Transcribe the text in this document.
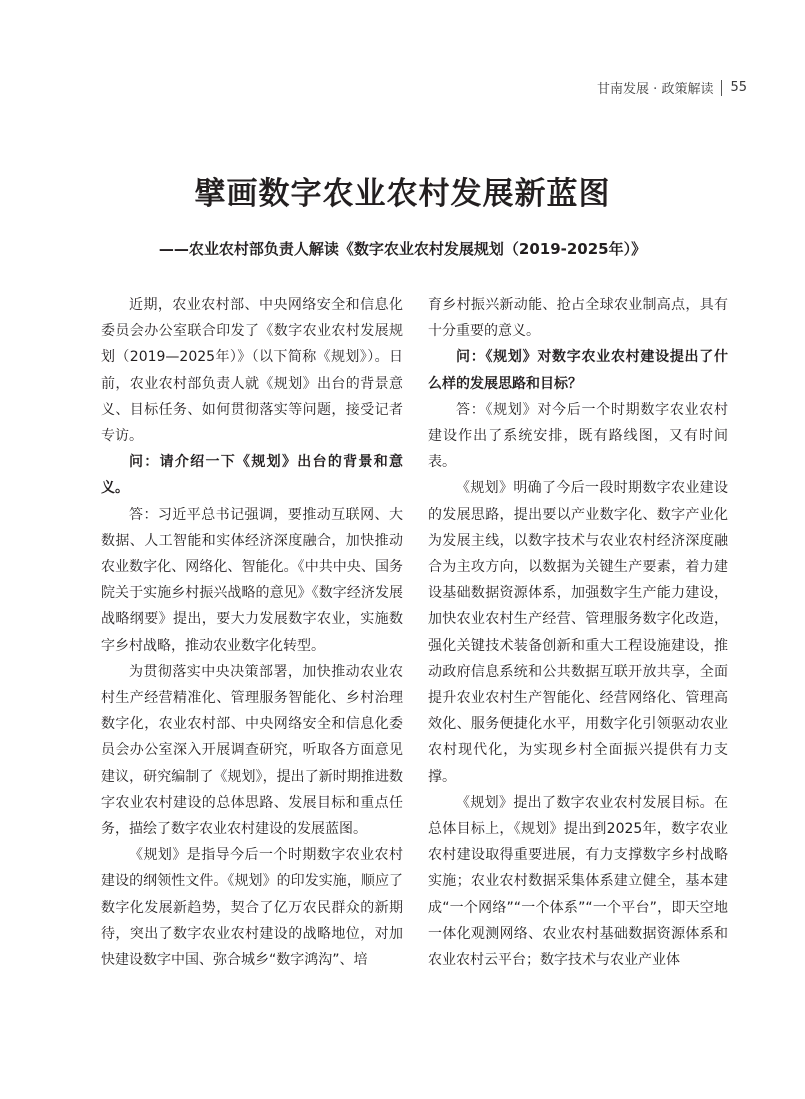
甘南发展 · 政策解读 55
擘画数字农业农村发展新蓝图
——农业农村部负责人解读《数字农业农村发展规划（2019-2025年）》

近期，农业农村部、中央网络安全和信息化委员会办公室联合印发了《数字农业农村发展规划（2019—2025年）》（以下简称《规划》）。日前，农业农村部负责人就《规划》出台的背景意义、目标任务、如何贯彻落实等问题，接受记者专访。

问：请介绍一下《规划》出台的背景和意义。

答：习近平总书记强调，要推动互联网、大数据、人工智能和实体经济深度融合，加快推动农业数字化、网络化、智能化。《中共中央、国务院关于实施乡村振兴战略的意见》《数字经济发展战略纲要》提出，要大力发展数字农业，实施数字乡村战略，推动农业数字化转型。

为贯彻落实中央决策部署，加快推动农业农村生产经营精准化、管理服务智能化、乡村治理数字化，农业农村部、中央网络安全和信息化委员会办公室深入开展调查研究，听取各方面意见建议，研究编制了《规划》，提出了新时期推进数字农业农村建设的总体思路、发展目标和重点任务，描绘了数字农业农村建设的发展蓝图。

《规划》是指导今后一个时期数字农业农村建设的纲领性文件。《规划》的印发实施，顺应了数字化发展新趋势，契合了亿万农民群众的新期待，突出了数字农业农村建设的战略地位，对加快建设数字中国、弥合城乡“数字鸿沟”、培

育乡村振兴新动能、抢占全球农业制高点，具有十分重要的意义。

问：《规划》对数字农业农村建设提出了什么样的发展思路和目标？

答：《规划》对今后一个时期数字农业农村建设作出了系统安排，既有路线图，又有时间表。

《规划》明确了今后一段时期数字农业建设的发展思路，提出要以产业数字化、数字产业化为发展主线，以数字技术与农业农村经济深度融合为主攻方向，以数据为关键生产要素，着力建设基础数据资源体系，加强数字生产能力建设，加快农业农村生产经营、管理服务数字化改造，强化关键技术装备创新和重大工程设施建设，推动政府信息系统和公共数据互联开放共享，全面提升农业农村生产智能化、经营网络化、管理高效化、服务便捷化水平，用数字化引领驱动农业农村现代化，为实现乡村全面振兴提供有力支撑。

《规划》提出了数字农业农村发展目标。在总体目标上，《规划》提出到2025年，数字农业农村建设取得重要进展，有力支撑数字乡村战略实施；农业农村数据采集体系建立健全，基本建成“一个网络”“一个体系”“一个平台”，即天空地一体化观测网络、农业农村基础数据资源体系和农业农村云平台；数字技术与农业产业体
